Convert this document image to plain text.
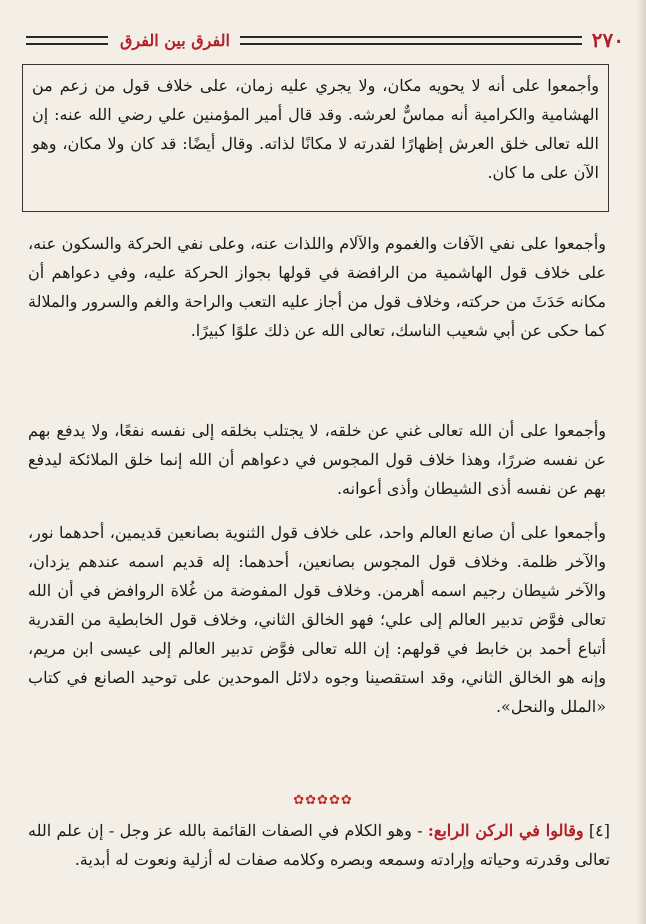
٢٧٠
الفرق بين الفرق
وأجمعوا على أنه لا يحويه مكان، ولا يجري عليه زمان، على خلاف قول من زعم من الهشامية والكرامية أنه مماسٌّ لعرشه. وقد قال أمير المؤمنين علي رضي الله عنه: إن الله تعالى خلق العرش إظهارًا لقدرته لا مكانًا لذاته. وقال أيضًا: قد كان ولا مكان، وهو الآن على ما كان.
وأجمعوا على نفي الآفات والغموم والآلام واللذات عنه، وعلى نفي الحركة والسكون عنه، على خلاف قول الهاشمية من الرافضة في قولها بجواز الحركة عليه، وفي دعواهم أن مكانه حَدَثَ من حركته، وخلاف قول من أجاز عليه التعب والراحة والغم والسرور والملالة كما حكى عن أبي شعيب الناسك، تعالى الله عن ذلك علوًا كبيرًا.
وأجمعوا على أن الله تعالى غني عن خلقه، لا يجتلب بخلقه إلى نفسه نفعًا، ولا يدفع بهم عن نفسه ضررًا، وهذا خلاف قول المجوس في دعواهم أن الله إنما خلق الملائكة ليدفع بهم عن نفسه أذى الشيطان وأذى أعوانه.
وأجمعوا على أن صانع العالم واحد، على خلاف قول الثنوية بصانعين قديمين، أحدهما نور، والآخر ظلمة. وخلاف قول المجوس بصانعين، أحدهما: إله قديم اسمه عندهم يزدان، والآخر شيطان رجيم اسمه أهرمن. وخلاف قول المفوضة من غُلاة الروافض في أن الله تعالى فوَّض تدبير العالم إلى علي؛ فهو الخالق الثاني، وخلاف قول الخابطية من القدرية أتباع أحمد بن خابط في قولهم: إن الله تعالى فوَّض تدبير العالم إلى عيسى ابن مريم، وإنه هو الخالق الثاني، وقد استقصينا وجوه دلائل الموحدين على توحيد الصانع في كتاب «الملل والنحل».
✿✿✿✿✿
[٤] وقالوا في الركن الرابع: - وهو الكلام في الصفات القائمة بالله عز وجل - إن علم الله تعالى وقدرته وحياته وإرادته وسمعه وبصره وكلامه صفات له أزلية ونعوت له أبدية.
